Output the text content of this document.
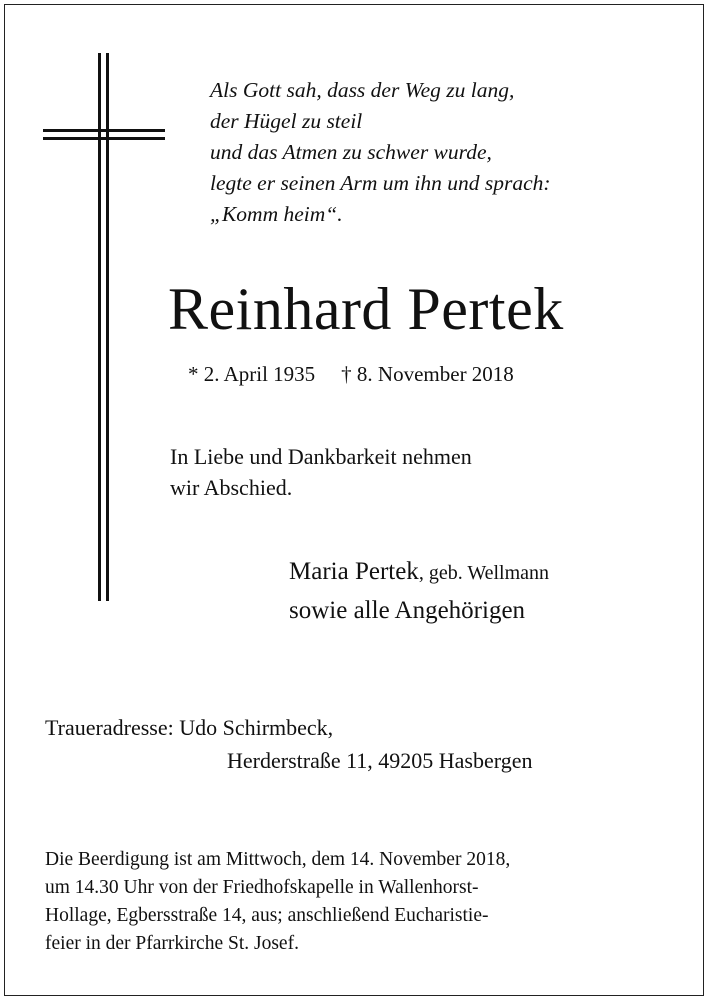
Als Gott sah, dass der Weg zu lang,
der Hügel zu steil
und das Atmen zu schwer wurde,
legte er seinen Arm um ihn und sprach:
„Komm heim“.
Reinhard Pertek
* 2. April 1935 † 8. November 2018
In Liebe und Dankbarkeit nehmen
wir Abschied.
Maria Pertek, geb. Wellmann
sowie alle Angehörigen
Traueradresse: Udo Schirmbeck,
Herderstraße 11, 49205 Hasbergen
Die Beerdigung ist am Mittwoch, dem 14. November 2018,
um 14.30 Uhr von der Friedhofskapelle in Wallenhorst-
Hollage, Egbersstraße 14, aus; anschließend Eucharistie-
feier in der Pfarrkirche St. Josef.
